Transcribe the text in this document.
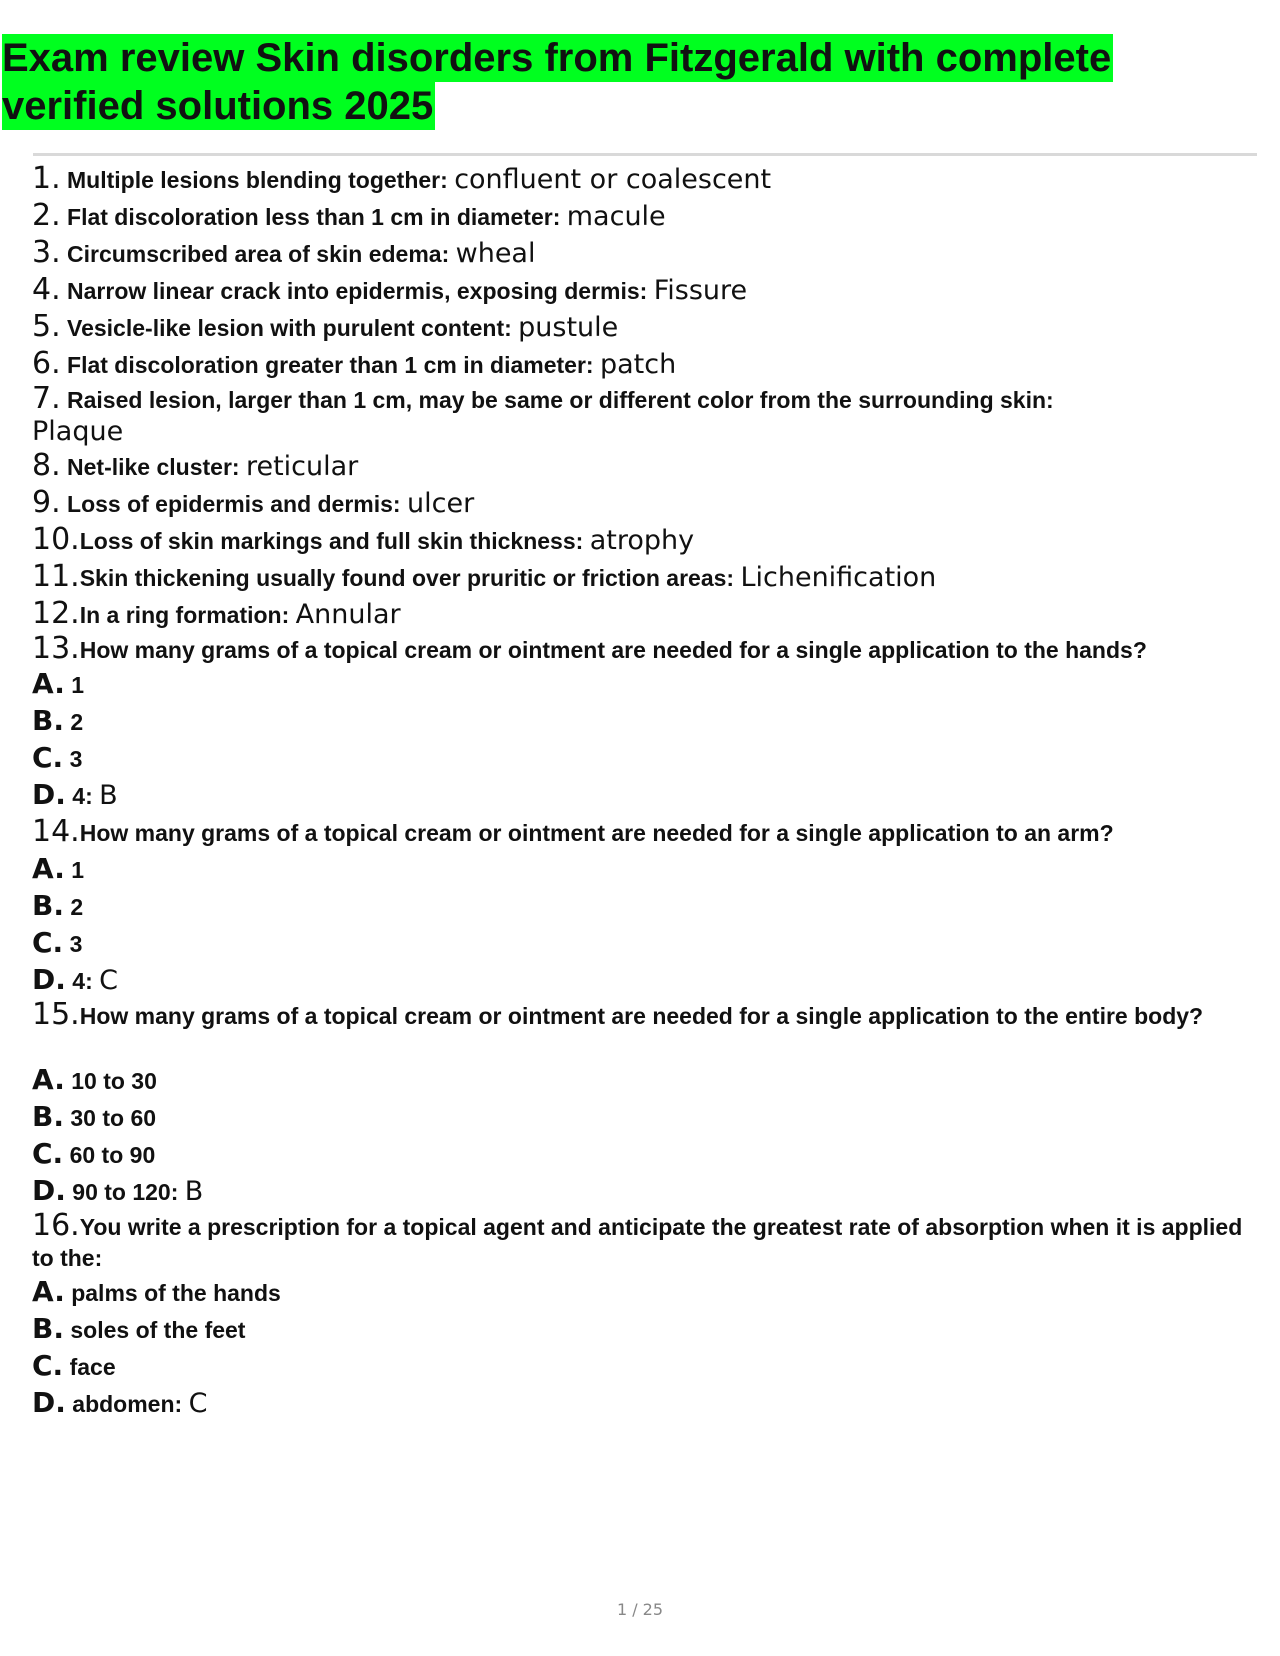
Exam review Skin disorders from Fitzgerald with complete
verified solutions 2025
1. Multiple lesions blending together: confluent or coalescent
2. Flat discoloration less than 1 cm in diameter: macule
3. Circumscribed area of skin edema: wheal
4. Narrow linear crack into epidermis, exposing dermis: Fissure
5. Vesicle-like lesion with purulent content: pustule
6. Flat discoloration greater than 1 cm in diameter: patch
7. Raised lesion, larger than 1 cm, may be same or different color from the surrounding skin:
Plaque
8. Net-like cluster: reticular
9. Loss of epidermis and dermis: ulcer
10.Loss of skin markings and full skin thickness: atrophy
11.Skin thickening usually found over pruritic or friction areas: Lichenification
12.In a ring formation: Annular
13.How many grams of a topical cream or ointment are needed for a single application to the hands?
A. 1
B. 2
C. 3
D. 4: B
14.How many grams of a topical cream or ointment are needed for a single application to an arm?
A. 1
B. 2
C. 3
D. 4: C
15.How many grams of a topical cream or ointment are needed for a single application to the entire body?
A. 10 to 30
B. 30 to 60
C. 60 to 90
D. 90 to 120: B
16.You write a prescription for a topical agent and anticipate the greatest rate of absorption when it is applied to the:
A. palms of the hands
B. soles of the feet
C. face
D. abdomen: C
1 / 25
